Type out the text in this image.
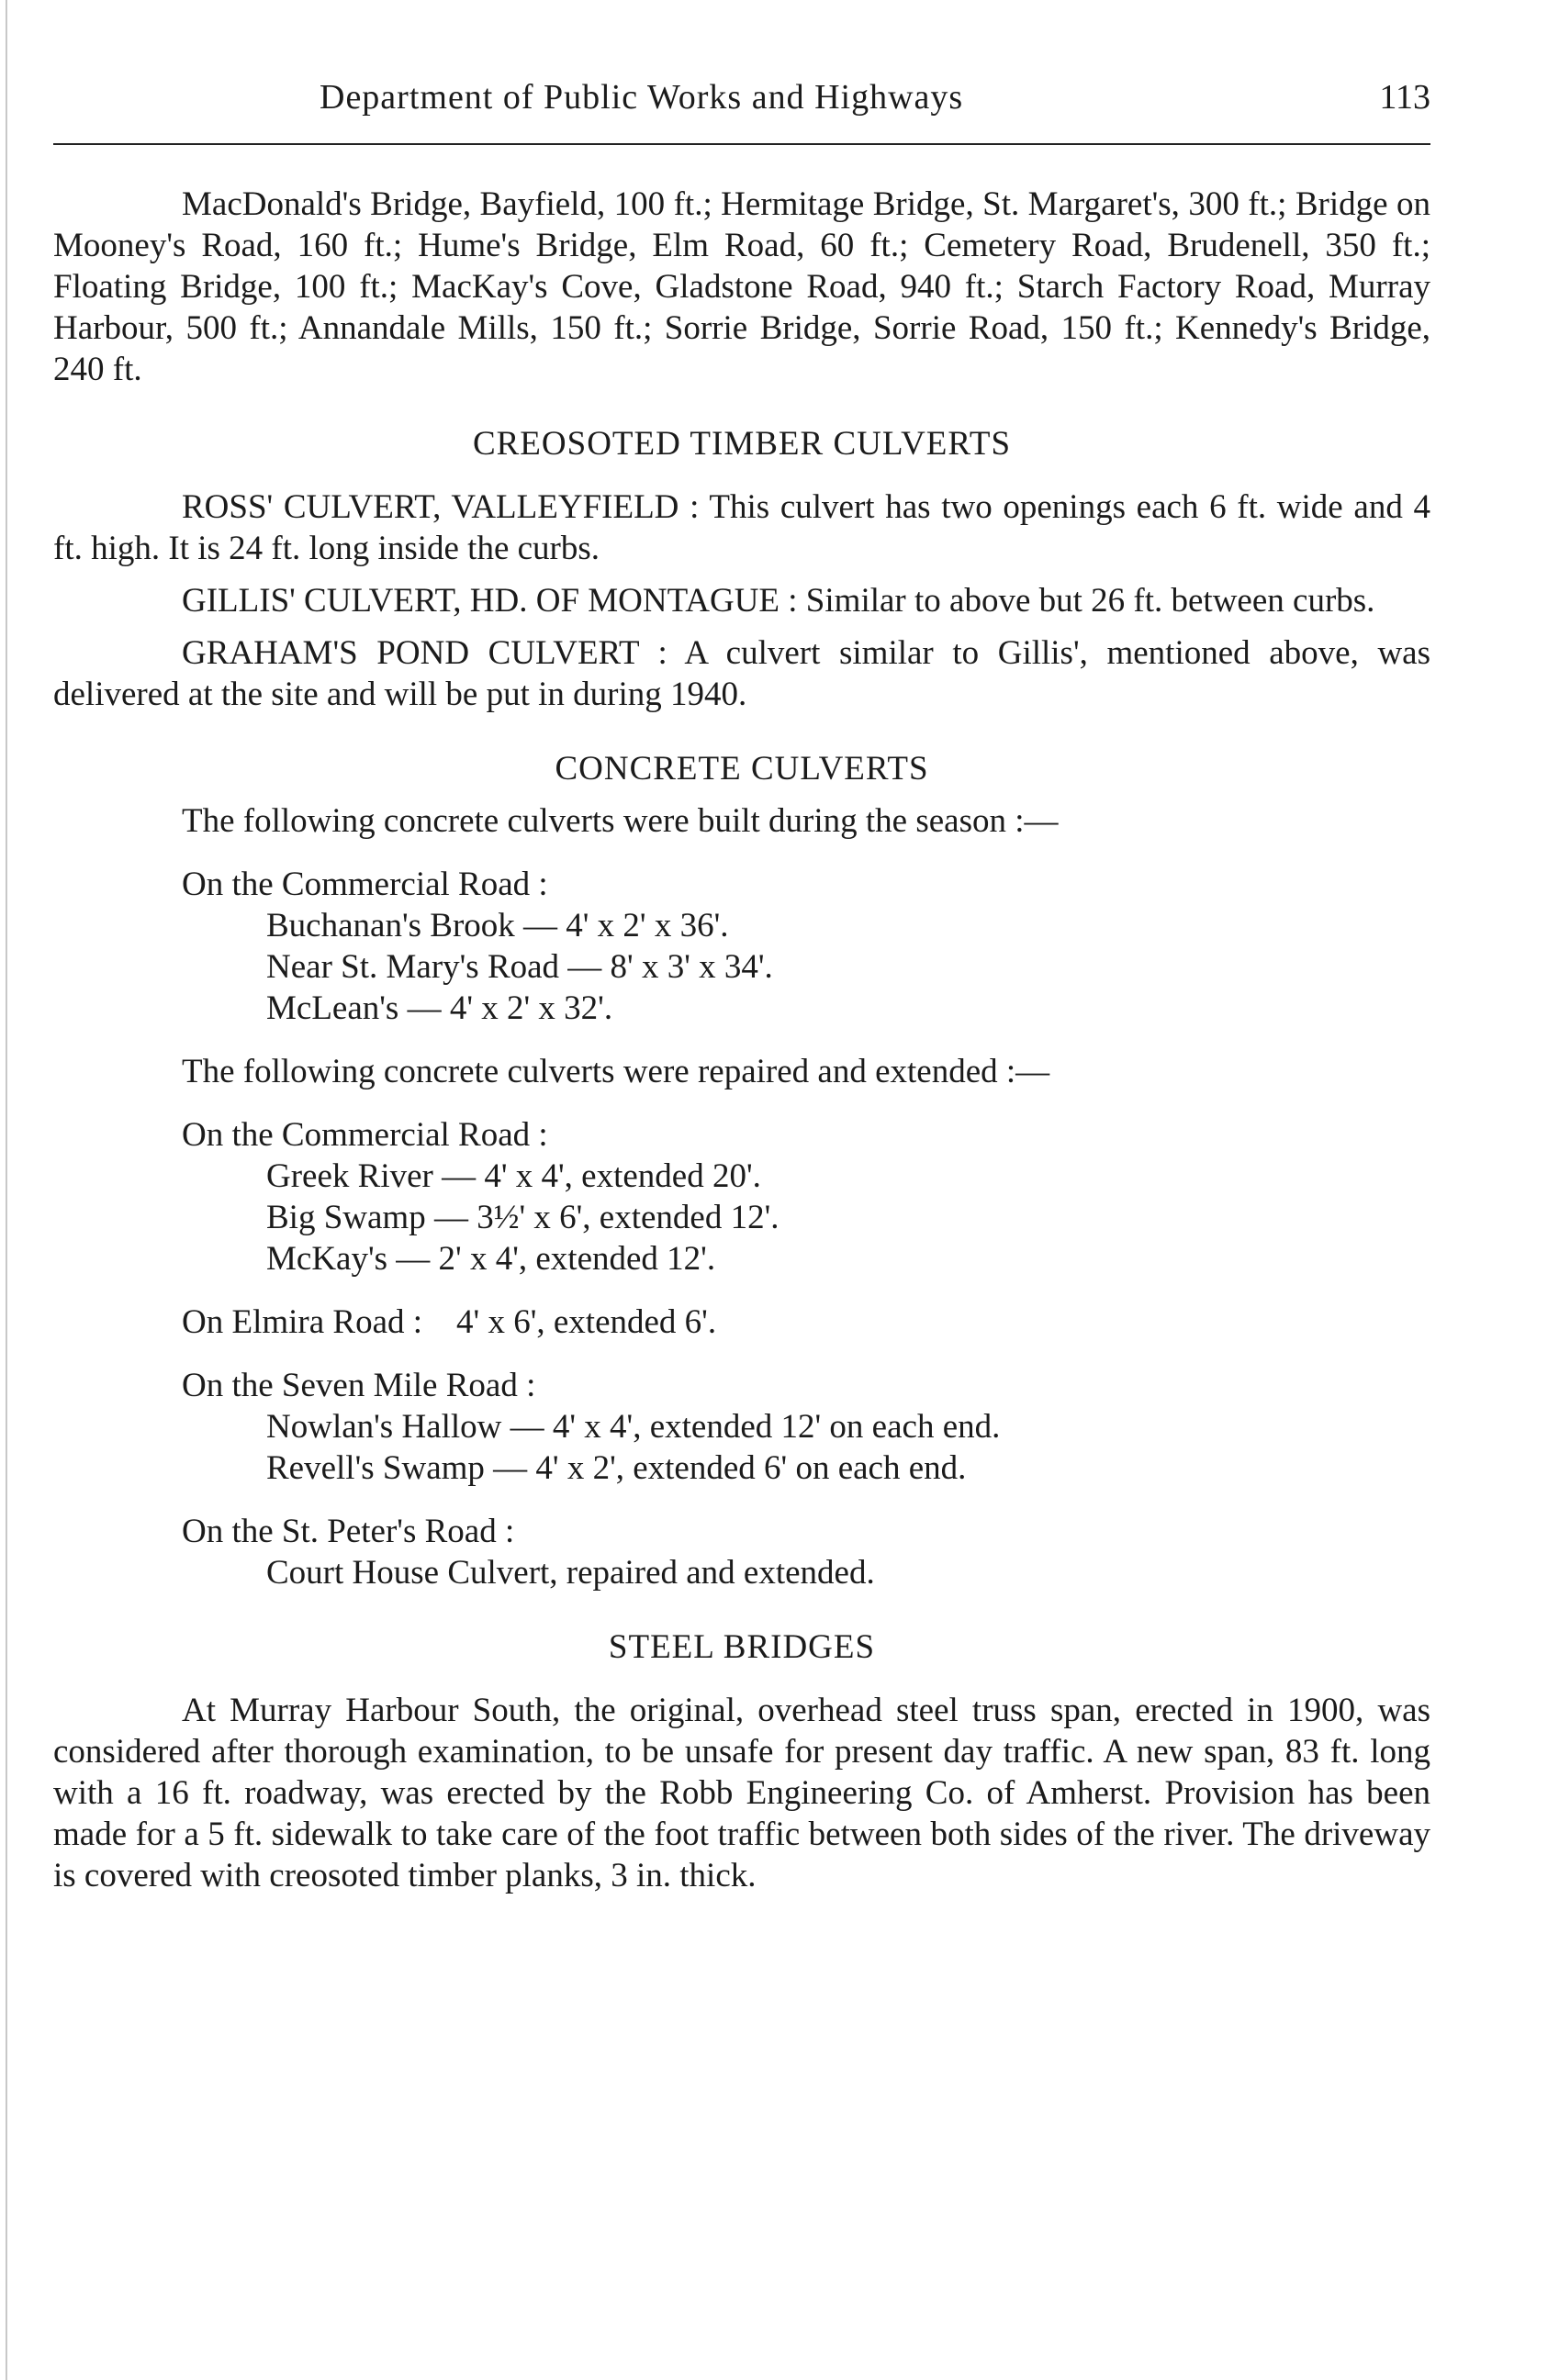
Department of Public Works and Highways	113

MacDonald's Bridge, Bayfield, 100 ft.; Hermitage Bridge, St. Margaret's, 300 ft.; Bridge on Mooney's Road, 160 ft.; Hume's Bridge, Elm Road, 60 ft.; Cemetery Road, Brudenell, 350 ft.; Floating Bridge, 100 ft.; MacKay's Cove, Gladstone Road, 940 ft.; Starch Factory Road, Murray Harbour, 500 ft.; Annandale Mills, 150 ft.; Sorrie Bridge, Sorrie Road, 150 ft.; Kennedy's Bridge, 240 ft.

CREOSOTED TIMBER CULVERTS

ROSS' CULVERT, VALLEYFIELD : This culvert has two openings each 6 ft. wide and 4 ft. high. It is 24 ft. long inside the curbs.

GILLIS' CULVERT, HD. OF MONTAGUE : Similar to above but 26 ft. between curbs.

GRAHAM'S POND CULVERT : A culvert similar to Gillis', mentioned above, was delivered at the site and will be put in during 1940.

CONCRETE CULVERTS

The following concrete culverts were built during the season :—
On the Commercial Road :
Buchanan's Brook — 4' x 2' x 36'.
Near St. Mary's Road — 8' x 3' x 34'.
McLean's — 4' x 2' x 32'.
The following concrete culverts were repaired and extended :—
On the Commercial Road :
Greek River — 4' x 4', extended 20'.
Big Swamp — 3½' x 6', extended 12'.
McKay's — 2' x 4', extended 12'.
On Elmira Road :    4' x 6', extended 6'.
On the Seven Mile Road :
Nowlan's Hallow — 4' x 4', extended 12' on each end.
Revell's Swamp — 4' x 2', extended 6' on each end.
On the St. Peter's Road :
Court House Culvert, repaired and extended.

STEEL BRIDGES

At Murray Harbour South, the original, overhead steel truss span, erected in 1900, was considered after thorough examination, to be unsafe for present day traffic. A new span, 83 ft. long with a 16 ft. roadway, was erected by the Robb Engineering Co. of Amherst. Provision has been made for a 5 ft. sidewalk to take care of the foot traffic between both sides of the river. The driveway is covered with creosoted timber planks, 3 in. thick.
